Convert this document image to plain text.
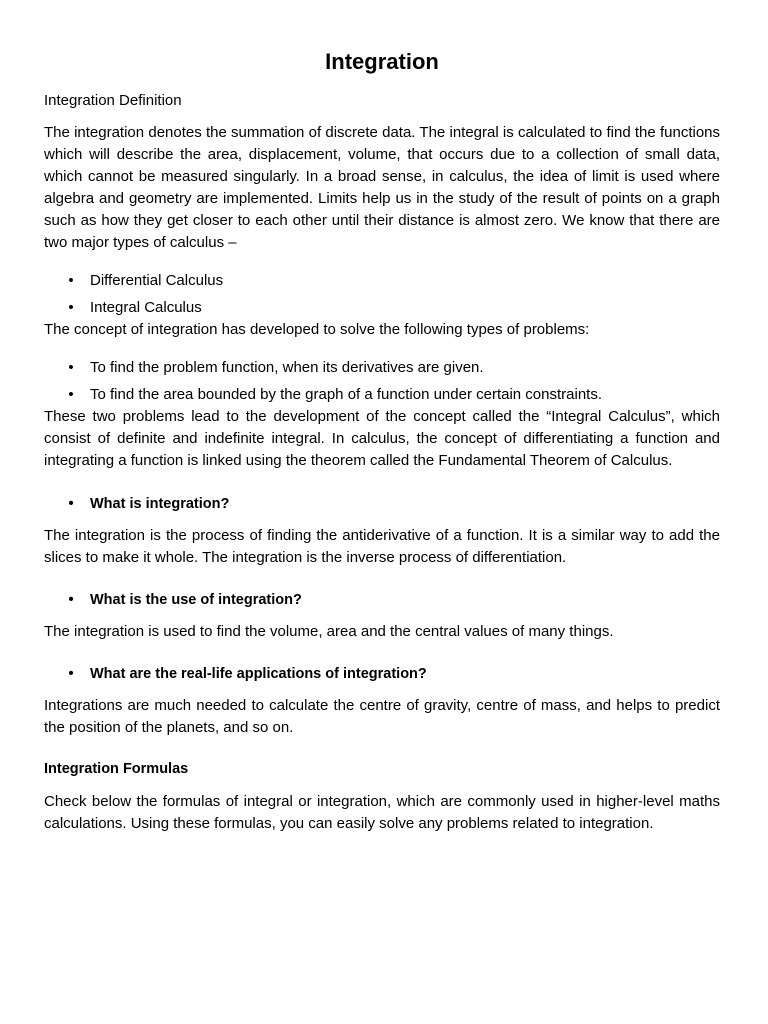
Integration

Integration Definition

The integration denotes the summation of discrete data. The integral is calculated to find the functions which will describe the area, displacement, volume, that occurs due to a collection of small data, which cannot be measured singularly. In a broad sense, in calculus, the idea of limit is used where algebra and geometry are implemented. Limits help us in the study of the result of points on a graph such as how they get closer to each other until their distance is almost zero. We know that there are two major types of calculus –

• Differential Calculus
• Integral Calculus

The concept of integration has developed to solve the following types of problems:

• To find the problem function, when its derivatives are given.
• To find the area bounded by the graph of a function under certain constraints.

These two problems lead to the development of the concept called the “Integral Calculus”, which consist of definite and indefinite integral. In calculus, the concept of differentiating a function and integrating a function is linked using the theorem called the Fundamental Theorem of Calculus.

• What is integration?

The integration is the process of finding the antiderivative of a function. It is a similar way to add the slices to make it whole. The integration is the inverse process of differentiation.

• What is the use of integration?

The integration is used to find the volume, area and the central values of many things.

• What are the real-life applications of integration?

Integrations are much needed to calculate the centre of gravity, centre of mass, and helps to predict the position of the planets, and so on.

Integration Formulas

Check below the formulas of integral or integration, which are commonly used in higher-level maths calculations. Using these formulas, you can easily solve any problems related to integration.
